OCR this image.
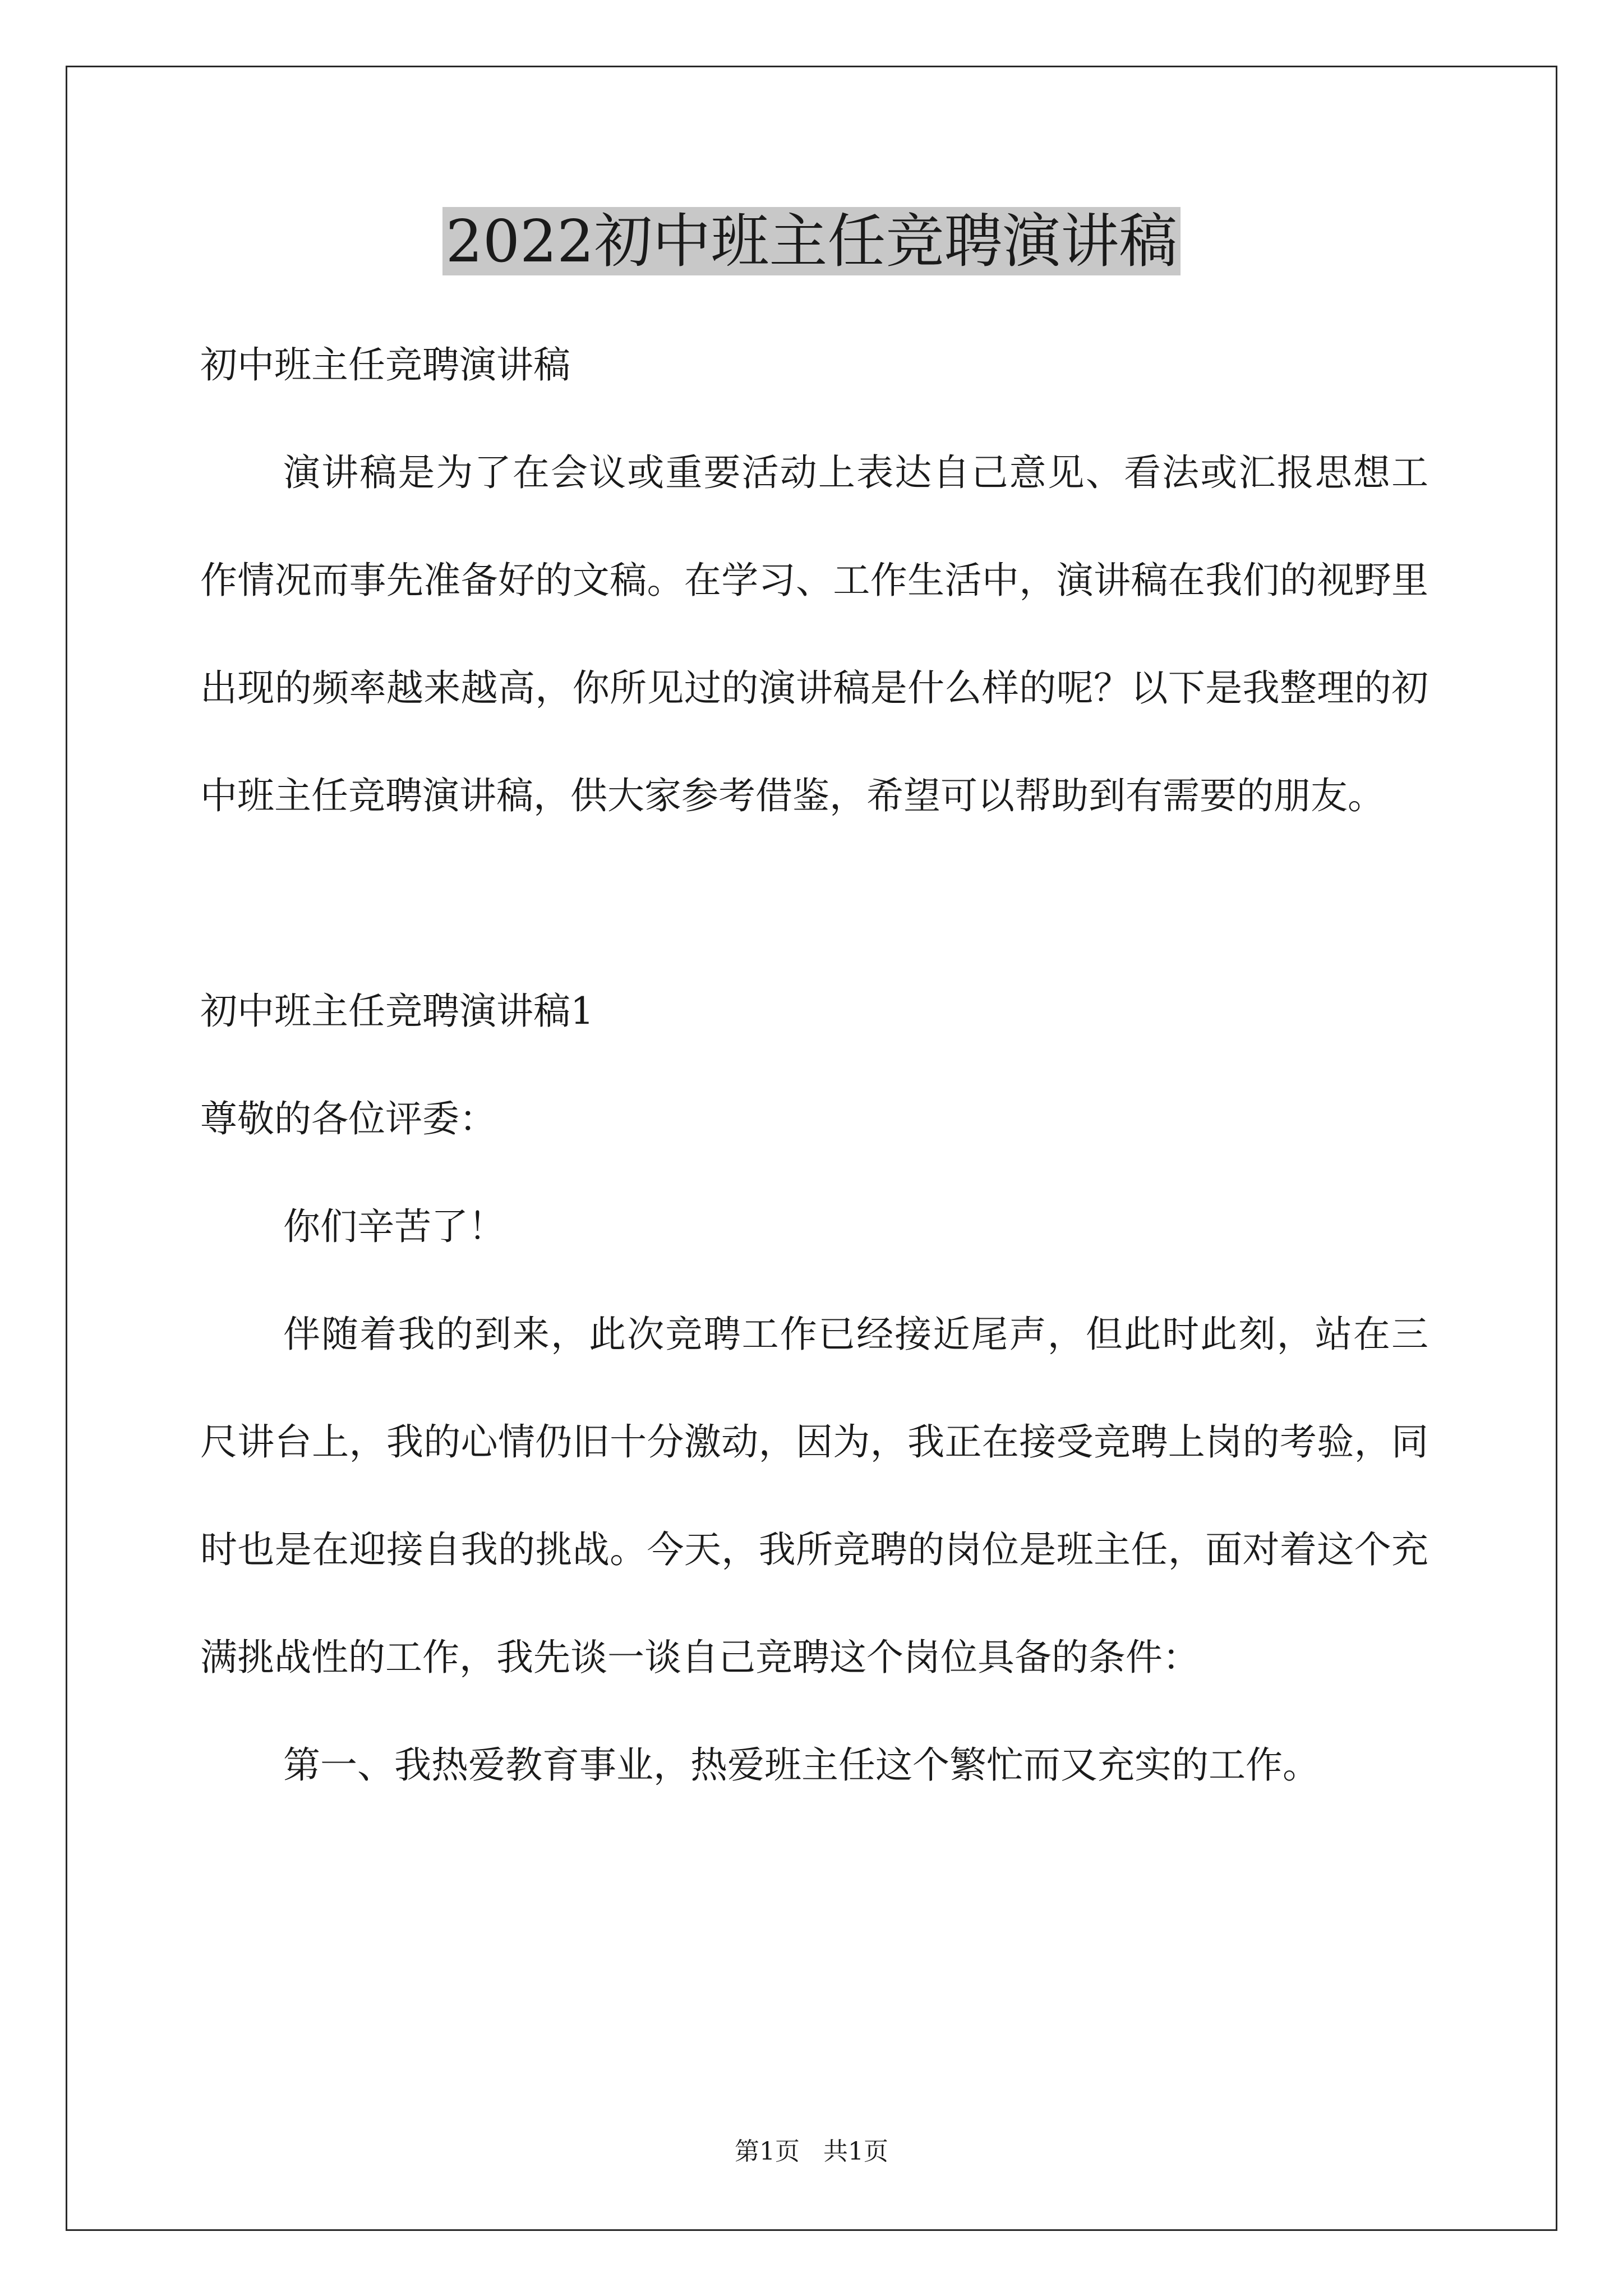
2022初中班主任竞聘演讲稿

初中班主任竞聘演讲稿

演讲稿是为了在会议或重要活动上表达自己意见、看法或汇报思想工作情况而事先准备好的文稿。在学习、工作生活中，演讲稿在我们的视野里出现的频率越来越高，你所见过的演讲稿是什么样的呢？以下是我整理的初中班主任竞聘演讲稿，供大家参考借鉴，希望可以帮助到有需要的朋友。

初中班主任竞聘演讲稿1

尊敬的各位评委：

你们辛苦了！

伴随着我的到来，此次竞聘工作已经接近尾声，但此时此刻，站在三尺讲台上，我的心情仍旧十分激动，因为，我正在接受竞聘上岗的考验，同时也是在迎接自我的挑战。今天，我所竞聘的岗位是班主任，面对着这个充满挑战性的工作，我先谈一谈自己竞聘这个岗位具备的条件：

第一、我热爱教育事业，热爱班主任这个繁忙而又充实的工作。

第1页   共1页
